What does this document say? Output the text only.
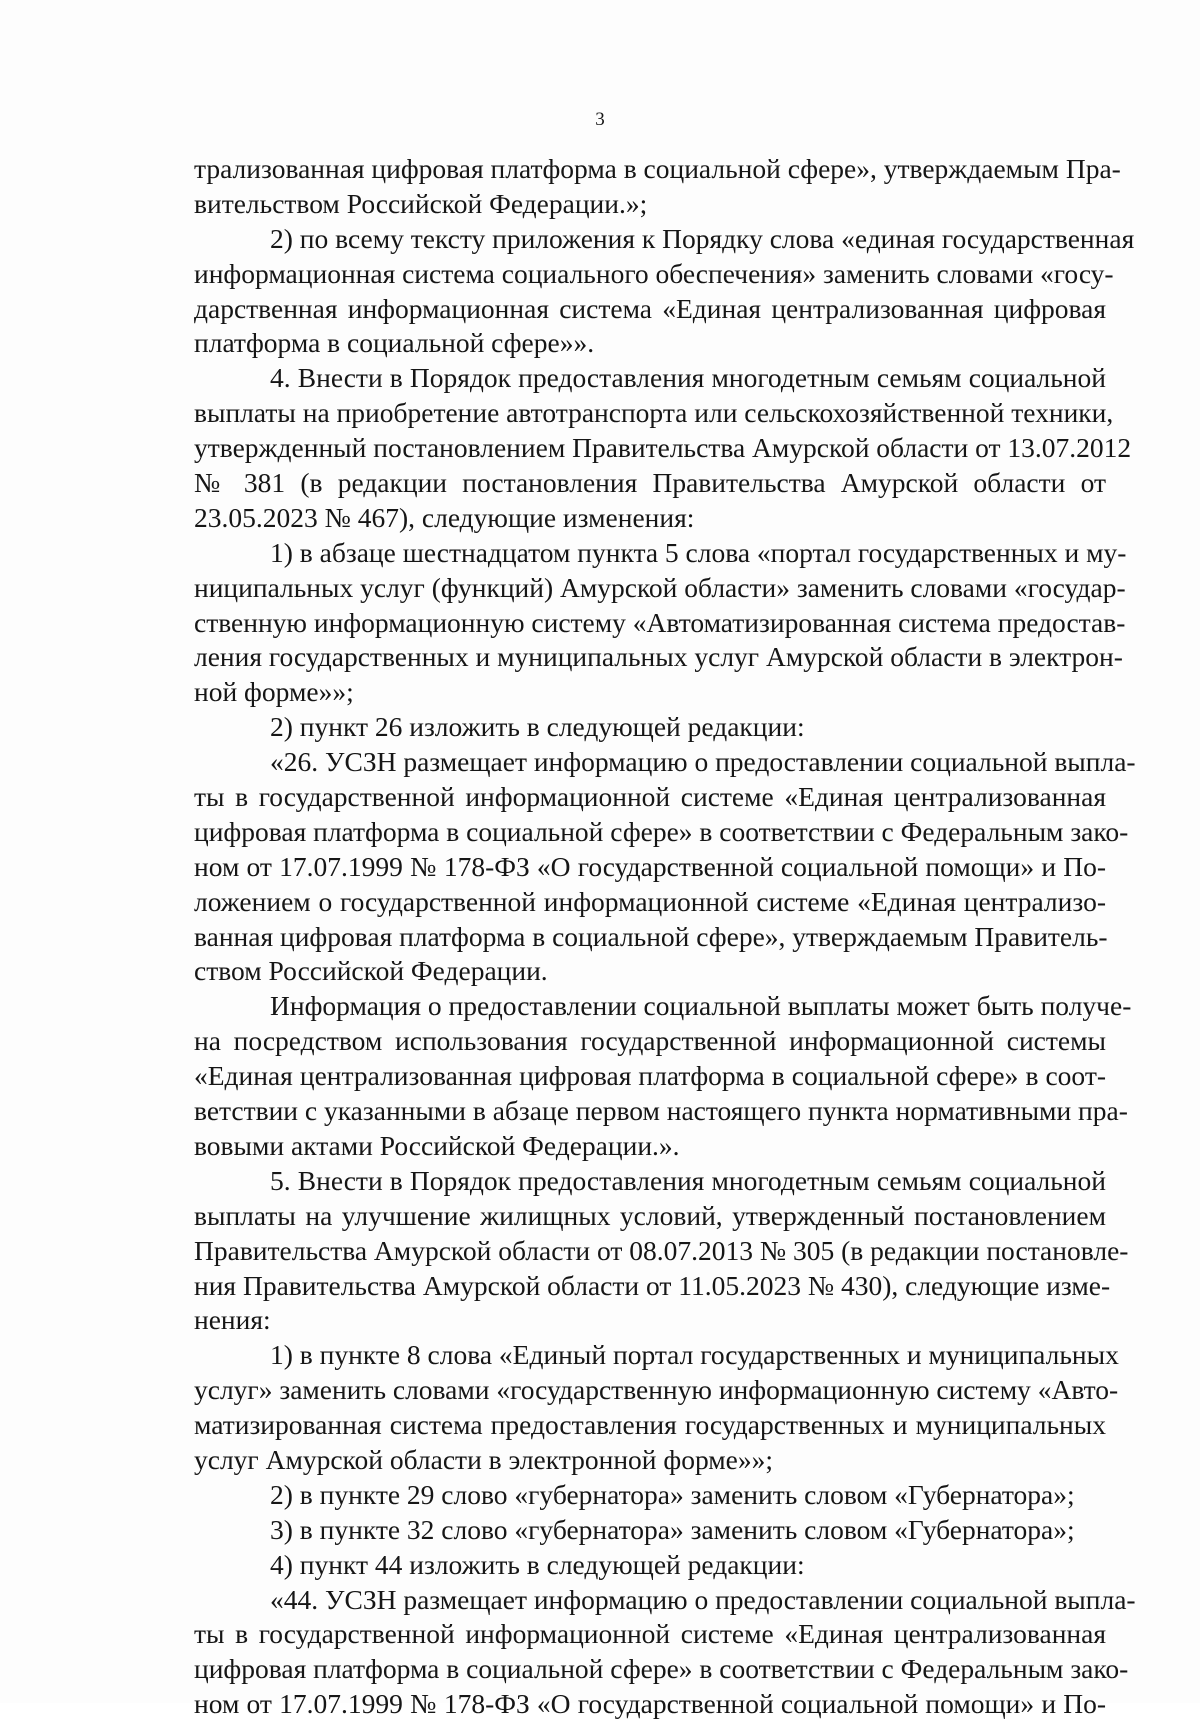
3
трализованная цифровая платформа в социальной сфере», утверждаемым Пра-
вительством Российской Федерации.»;
2) по всему тексту приложения к Порядку слова «единая государственная
информационная система социального обеспечения» заменить словами «госу-
дарственная информационная система «Единая централизованная цифровая
платформа в социальной сфере»».
4. Внести в Порядок предоставления многодетным семьям социальной
выплаты на приобретение автотранспорта или сельскохозяйственной техники,
утвержденный постановлением Правительства Амурской области от 13.07.2012
№ 381 (в редакции постановления Правительства Амурской области от
23.05.2023 № 467), следующие изменения:
1) в абзаце шестнадцатом пункта 5 слова «портал государственных и му-
ниципальных услуг (функций) Амурской области» заменить словами «государ-
ственную информационную систему «Автоматизированная система предостав-
ления государственных и муниципальных услуг Амурской области в электрон-
ной форме»»;
2) пункт 26 изложить в следующей редакции:
«26. УСЗН размещает информацию о предоставлении социальной выпла-
ты в государственной информационной системе «Единая централизованная
цифровая платформа в социальной сфере» в соответствии с Федеральным зако-
ном от 17.07.1999 № 178-ФЗ «О государственной социальной помощи» и По-
ложением о государственной информационной системе «Единая централизо-
ванная цифровая платформа в социальной сфере», утверждаемым Правитель-
ством Российской Федерации.
Информация о предоставлении социальной выплаты может быть получе-
на посредством использования государственной информационной системы
«Единая централизованная цифровая платформа в социальной сфере» в соот-
ветствии с указанными в абзаце первом настоящего пункта нормативными пра-
вовыми актами Российской Федерации.».
5. Внести в Порядок предоставления многодетным семьям социальной
выплаты на улучшение жилищных условий, утвержденный постановлением
Правительства Амурской области от 08.07.2013 № 305 (в редакции постановле-
ния Правительства Амурской области от 11.05.2023 № 430), следующие изме-
нения:
1) в пункте 8 слова «Единый портал государственных и муниципальных
услуг» заменить словами «государственную информационную систему «Авто-
матизированная система предоставления государственных и муниципальных
услуг Амурской области в электронной форме»»;
2) в пункте 29 слово «губернатора» заменить словом «Губернатора»;
3) в пункте 32 слово «губернатора» заменить словом «Губернатора»;
4) пункт 44 изложить в следующей редакции:
«44. УСЗН размещает информацию о предоставлении социальной выпла-
ты в государственной информационной системе «Единая централизованная
цифровая платформа в социальной сфере» в соответствии с Федеральным зако-
ном от 17.07.1999 № 178-ФЗ «О государственной социальной помощи» и По-
